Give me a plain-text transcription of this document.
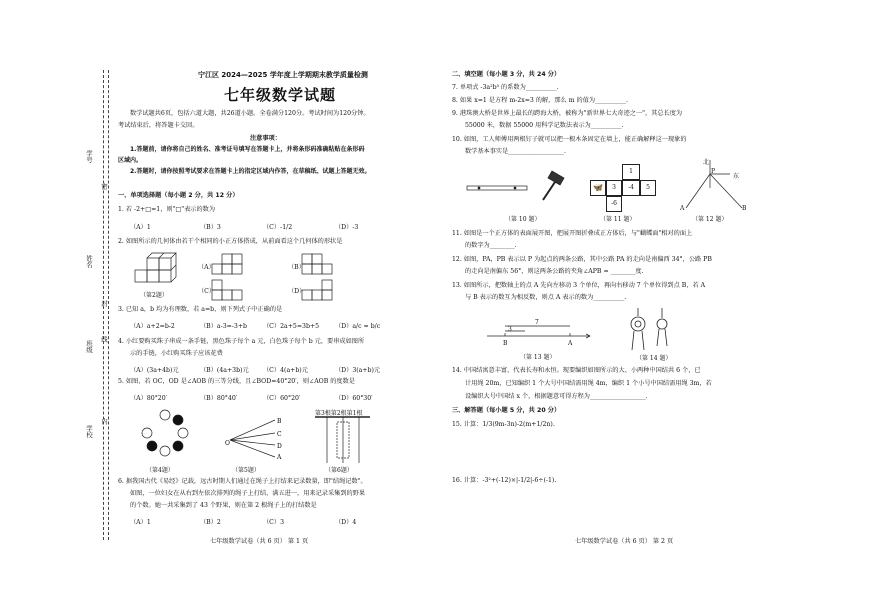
学号
姓名
班级
学校
密
封
线
内
宁江区 2024—2025 学年度上学期期末教学质量检测
七年级数学试题
数学试题共6页，包括六道大题，共26道小题。全卷满分120分。考试时间为120分钟。
考试结束后，将答题卡交回。
注意事项：
1.答题前，请你将自己的姓名、准考证号填写在答题卡上，并将条形码准确粘贴在条形码
区域内。
2.答题时，请你按照考试要求在答题卡上的指定区域内作答，在草稿纸、试题上答题无效。
一、单项选择题（每小题 2 分，共 12 分）
1. 若 -2+□=1，则"□"表示的数为
（A）1	（B）3	（C）-1/2	（D）-3
2. 如图所示的几何体由若干个相同的小正方体搭成，从前面看这个几何体的形状是
（第2题）
（A）	（B）
（C）	（D）
3. 已知 a，b 均为有理数，若 a=b，则下列式子中正确的是
（A）a+2=b-2	（B）a-3=-3+b	（C）2a+5=3b+5	（D）a/c = b/c
4. 小红要购买珠子串成一条手链，黑色珠子每个 a 元，白色珠子每个 b 元，要串成如图所
示的手链，小红购买珠子应该花费
（A）(3a+4b)元	（B）(4a+3b)元 （C）4(a+b)元	（D）3(a+b)元
5. 如图，若 OC，OD 是∠AOB 的三等分线，且∠BOD=40°20′，则∠AOB 的度数是
（A）80°20′	（B）80°40′	（C）60°20′	（D）60°30′
（第4题）
O
B
C
D
A
（第5题）
第3根第2根第1根
（第6题）
6. 据我国古代《易经》记载，远古时期人们通过在绳子上打结来记录数量，即"结绳记数"。
如图，一位妇女在从右到左依次排列的绳子上打结，满五进一，用来记录采集到的野果
的个数。她一共采集到了 43 个野果，则在第 2 根绳子上的打结数是
（A）1	（B）2	（C）3	（D）4
七年级数学试卷（共 6 页） 第 1 页
二、填空题（每小题 3 分，共 24 分）
7. 单项式 -3a²b³ 的系数为__________.
8. 如果 x=1 是方程 m-2x=3 的解，那么 m 的值为__________.
9. 港珠澳大桥是世界上最长的跨海大桥，被称为"新世界七大奇迹之一"，其总长度为
55000 米，数据 55000 用科学记数法表示为__________.
10. 如图，工人师傅用两根钉子就可以把一根木条固定在墙上，能正确解释这一现象的
数学基本事实是__________________.
（第 10 题）
1
🦋	3	-4	5
-6
（第 11 题）
北
东
P
A	B
（第 12 题）
11. 如图是一个正方体的表面展开图，把展开图折叠成正方体后，与"蝴蝶面"相对的面上
的数字为________.
12. 如图，PA，PB 表示以 P 为起点的两条公路，其中公路 PA 的走向是南偏西 34°，公路 PB
的走向是南偏东 56°，则这两条公路的夹角∠APB = ________度.
13. 如图所示，把数轴上的点 A 先向左移动 3 个单位，再向右移动 7 个单位得到点 B，若 A
与 B 表示的数互为相反数，则点 A 表示的数为__________.
7
3
B	A
（第 13 题）	（第 14 题）
14. 中国结寓意丰富，代表长寿和永恒。现要编织如图所示的大、小两种中国结共 6 个，已
计用绳 20m，已知编织 1 个大号中国结需用绳 4m，编织 1 个小号中国结需用绳 3m，若
设编织大号中国结 x 个，根据题意可得方程为__________________.
三、解答题（每小题 5 分，共 20 分）
15. 计算：1/3(9m-3n)-2(m+1/2n).
16. 计算：-3²+(-12)×|-1/2|-6÷(-1).
七年级数学试卷（共 6 页） 第 2 页
